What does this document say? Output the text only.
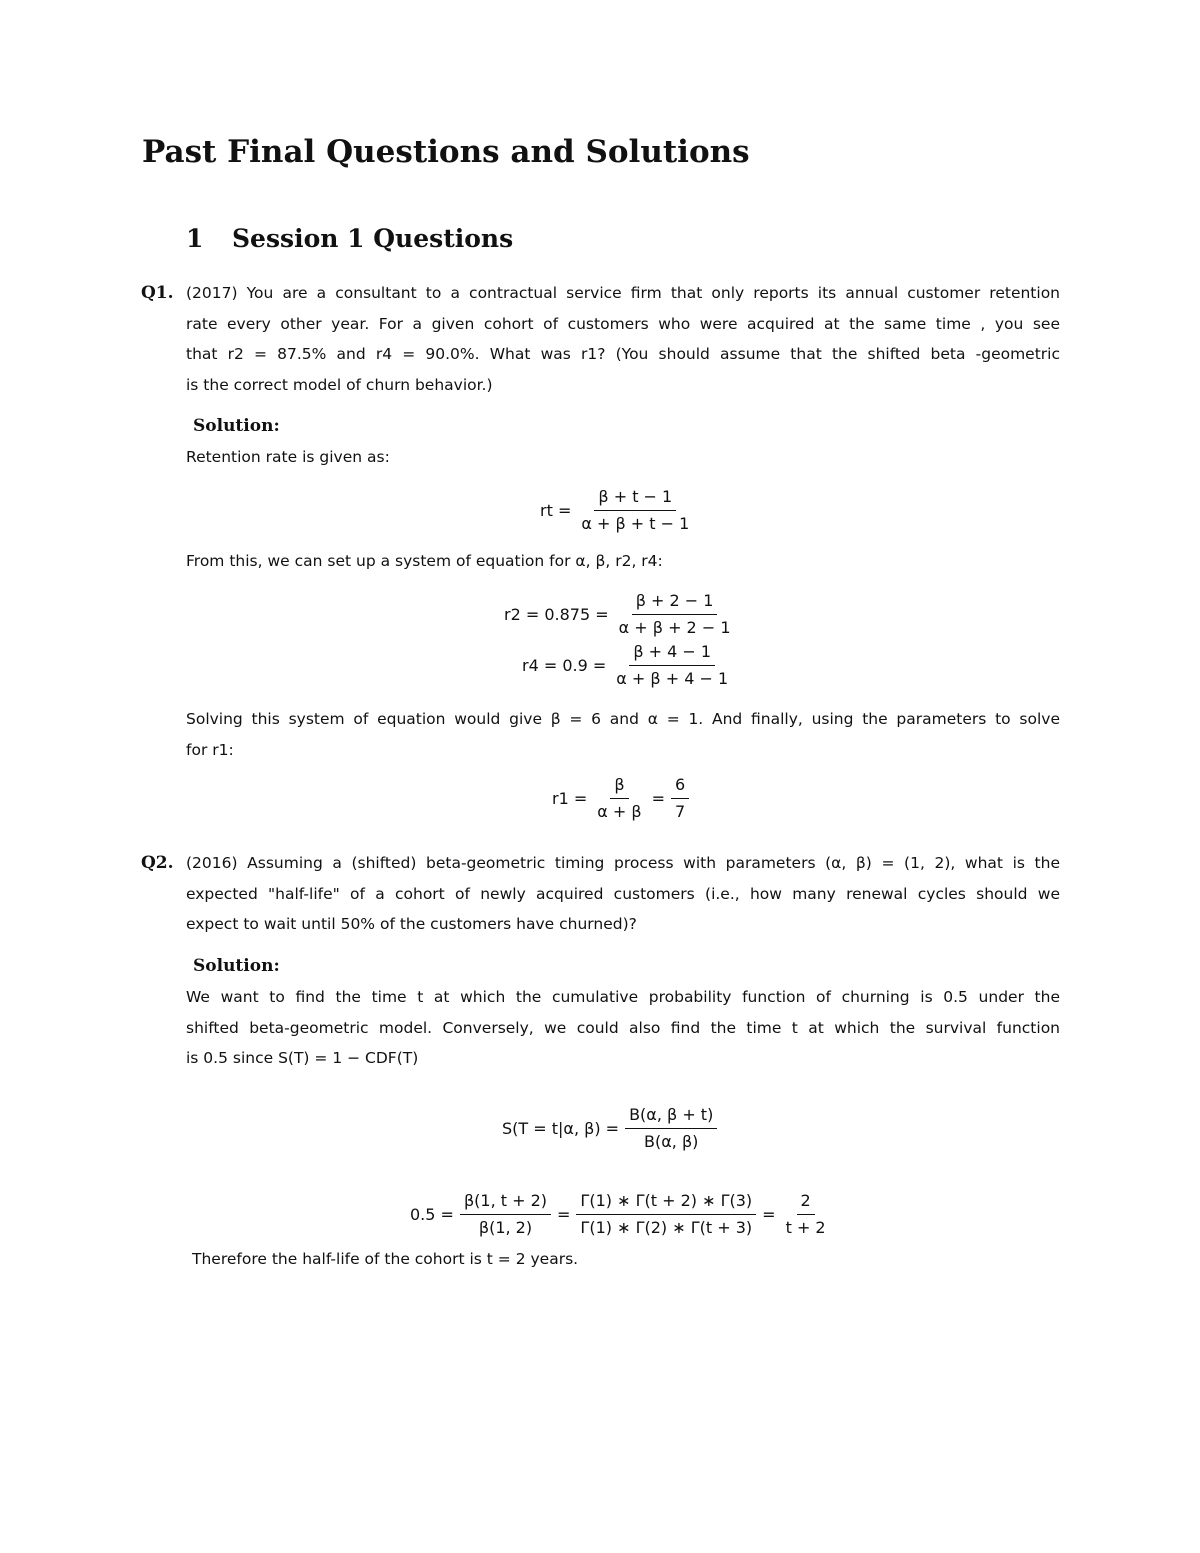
Past Final Questions and Solutions
1 Session 1 Questions
Q1. (2017) You are a consultant to a contractual service firm that only reports its annual customer retention
rate every other year. For a given cohort of customers who were acquired at the same time , you see
that r2 = 87.5% and r4 = 90.0%. What was r1? (You should assume that the shifted beta -geometric
is the correct model of churn behavior.)
Solution:
Retention rate is given as:
rt = $\frac{\beta + t - 1}{\alpha + \beta + t - 1}$
From this, we can set up a system of equation for α, β, r2, r4:
$r2 = 0.875 = \frac{\beta + 2 - 1}{\alpha + \beta + 2 - 1}$
$r4 = 0.9 = \frac{\beta + 4 - 1}{\alpha + \beta + 4 - 1}$
Solving this system of equation would give β = 6 and α = 1. And finally, using the parameters to solve
for r1:
$r1 = \frac{\beta}{\alpha + \beta} = \frac{6}{7}$
Q2. (2016) Assuming a (shifted) beta-geometric timing process with parameters (α, β) = (1, 2), what is the
expected "half-life" of a cohort of newly acquired customers (i.e., how many renewal cycles should we
expect to wait until 50% of the customers have churned)?
Solution:
We want to find the time t at which the cumulative probability function of churning is 0.5 under the
shifted beta-geometric model. Conversely, we could also find the time t at which the survival function
is 0.5 since S(T) = 1 − CDF(T)
S(T = t|α, $\beta) = \frac{B(\alpha, \beta + t)}{B(\alpha, \beta)}$
$0.5 = \frac{\beta(1, t + 2)}{\beta(1, 2)} = \frac{\Gamma(1) ∗ \Gamma(t + 2) ∗ \Gamma(3)}{\Gamma(1) ∗ \Gamma(2) ∗ \Gamma(t + 3)} = \frac{2}{t + 2}$
Therefore the half-life of the cohort is t = 2 years.
